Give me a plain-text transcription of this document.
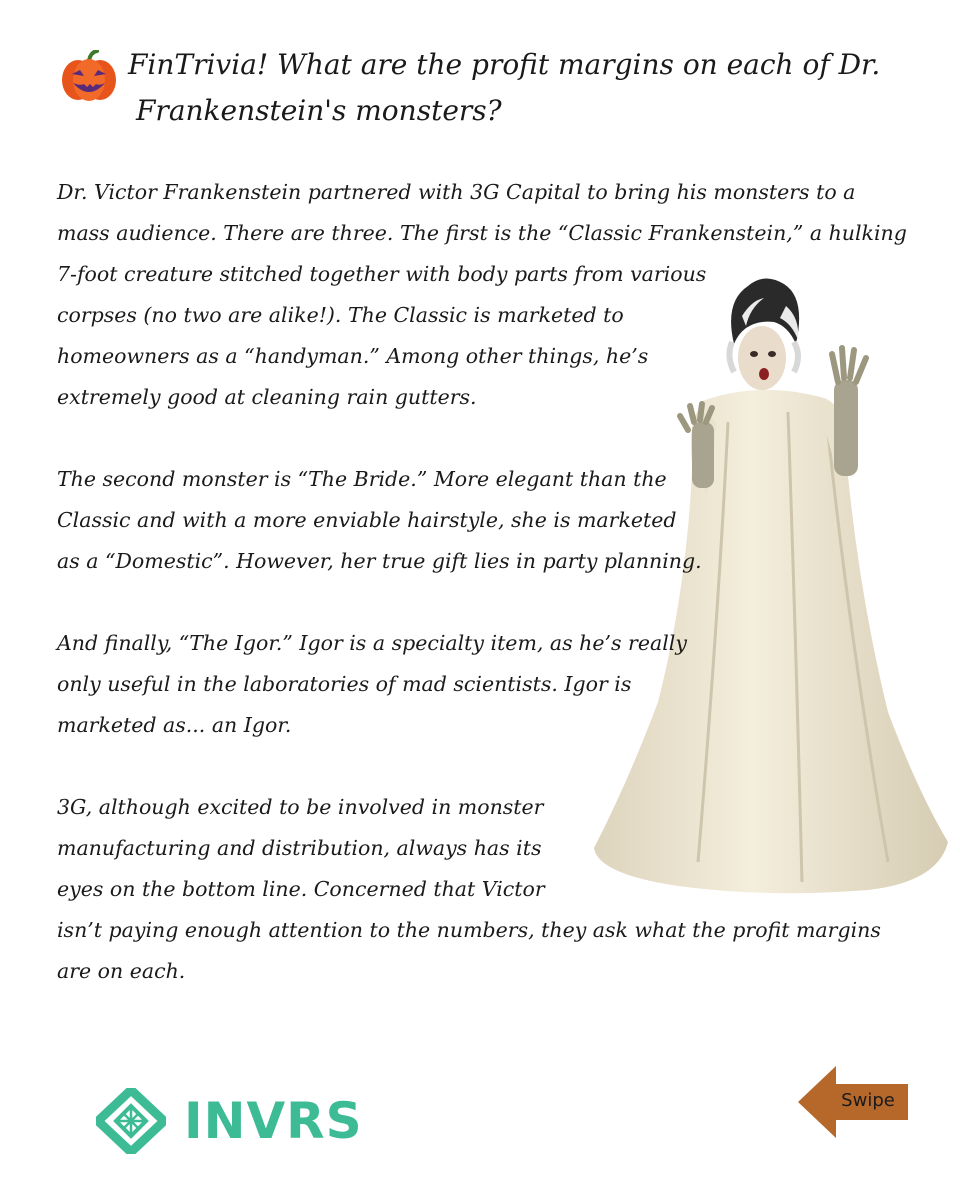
FinTrivia! What are the profit margins on each of Dr.
Frankenstein's monsters?

Dr. Victor Frankenstein partnered with 3G Capital to bring his monsters to a

mass audience. There are three. The first is the “Classic Frankenstein,” a hulking

7-foot creature stitched together with body parts from various

corpses (no two are alike!). The Classic is marketed to

homeowners as a “handyman.” Among other things, he’s

extremely good at cleaning rain gutters.

The second monster is “The Bride.” More elegant than the

Classic and with a more enviable hairstyle, she is marketed

as a “Domestic”. However, her true gift lies in party planning.

And finally, “The Igor.” Igor is a specialty item, as he’s really

only useful in the laboratories of mad scientists. Igor is

marketed as... an Igor.

3G, although excited to be involved in monster

manufacturing and distribution, always has its

eyes on the bottom line. Concerned that Victor

isn’t paying enough attention to the numbers, they ask what the profit margins

are on each.

INVRS	Swipe
